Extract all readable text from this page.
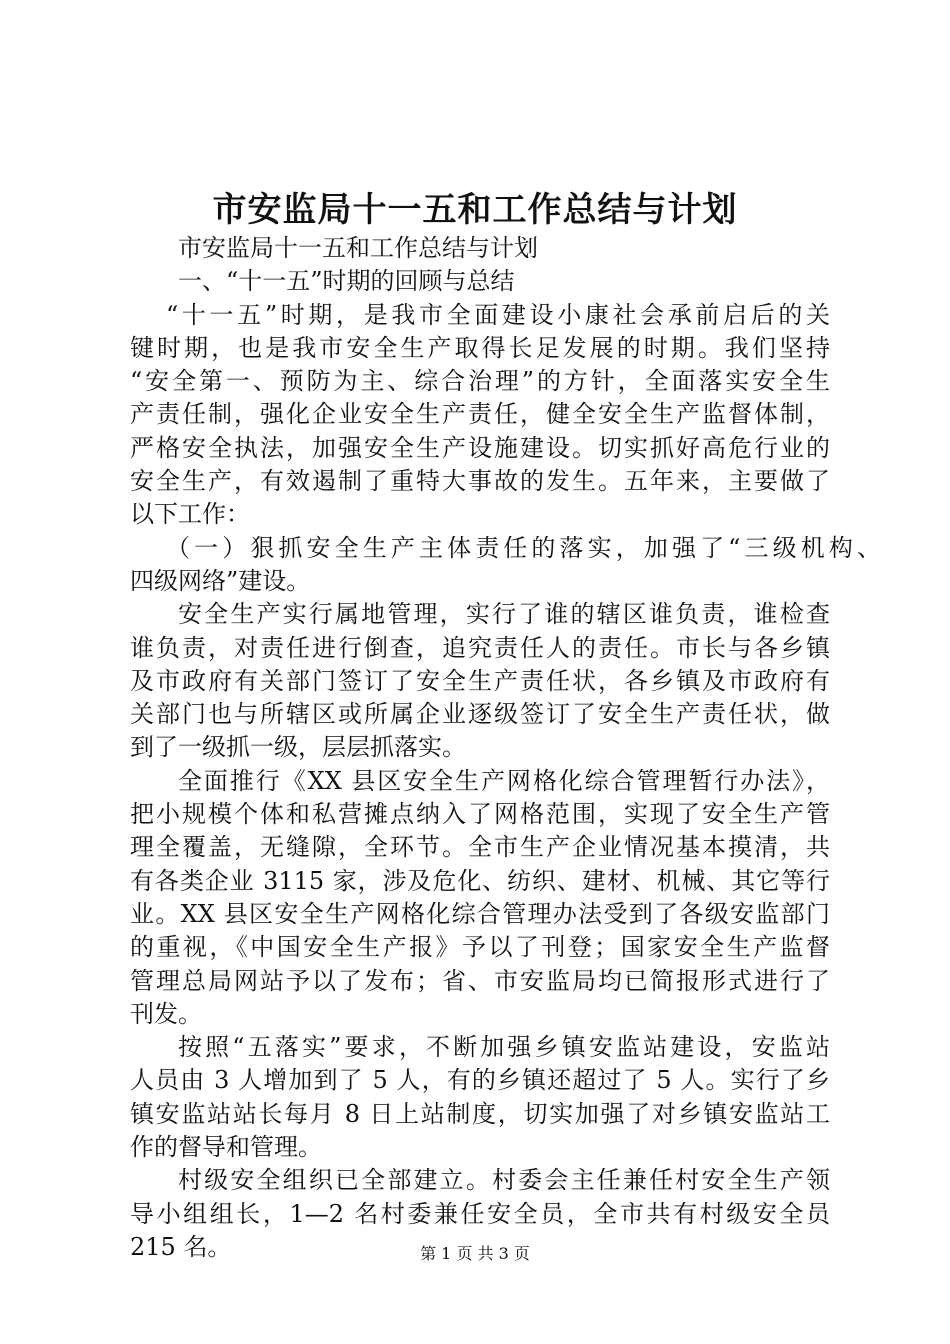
市安监局十一五和工作总结与计划
市安监局十一五和工作总结与计划
一、“十一五”时期的回顾与总结
“十一五”时期，是我市全面建设小康社会承前启后的关
键时期，也是我市安全生产取得长足发展的时期。我们坚持
“安全第一、预防为主、综合治理”的方针，全面落实安全生
产责任制，强化企业安全生产责任，健全安全生产监督体制，
严格安全执法，加强安全生产设施建设。切实抓好高危行业的
安全生产，有效遏制了重特大事故的发生。五年来，主要做了
以下工作：
（一）狠抓安全生产主体责任的落实，加强了“三级机构、
四级网络”建设。
安全生产实行属地管理，实行了谁的辖区谁负责，谁检查
谁负责，对责任进行倒查，追究责任人的责任。市长与各乡镇
及市政府有关部门签订了安全生产责任状，各乡镇及市政府有
关部门也与所辖区或所属企业逐级签订了安全生产责任状，做
到了一级抓一级，层层抓落实。
全面推行《XX 县区安全生产网格化综合管理暂行办法》，
把小规模个体和私营摊点纳入了网格范围，实现了安全生产管
理全覆盖，无缝隙，全环节。全市生产企业情况基本摸清，共
有各类企业 3115 家，涉及危化、纺织、建材、机械、其它等行
业。XX 县区安全生产网格化综合管理办法受到了各级安监部门
的重视，《中国安全生产报》予以了刊登；国家安全生产监督
管理总局网站予以了发布；省、市安监局均已简报形式进行了
刊发。
按照“五落实”要求，不断加强乡镇安监站建设，安监站
人员由 3 人增加到了 5 人，有的乡镇还超过了 5 人。实行了乡
镇安监站站长每月 8 日上站制度，切实加强了对乡镇安监站工
作的督导和管理。
村级安全组织已全部建立。村委会主任兼任村安全生产领
导小组组长，1—2 名村委兼任安全员，全市共有村级安全员
215 名。	第 1 页 共 3 页
